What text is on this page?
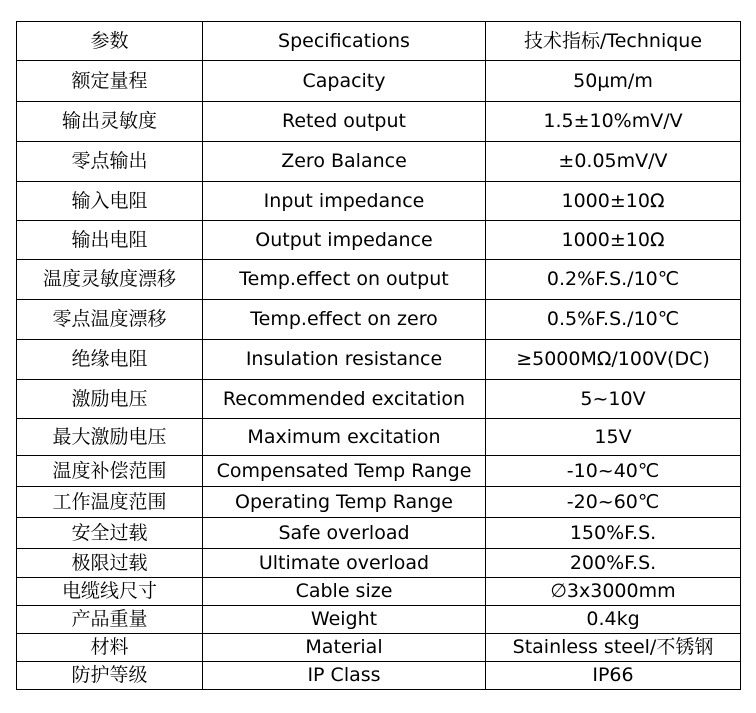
参数	Specifications	技术指标/Technique
额定量程	Capacity	50μm/m
输出灵敏度	Reted output	1.5±10%mV/V
零点输出	Zero Balance	±0.05mV/V
输入电阻	Input impedance	1000±10Ω
输出电阻	Output impedance	1000±10Ω
温度灵敏度漂移	Temp.effect on output	0.2%F.S./10℃
零点温度漂移	Temp.effect on zero	0.5%F.S./10℃
绝缘电阻	Insulation resistance	≥5000MΩ/100V(DC)
激励电压	Recommended excitation	5~10V
最大激励电压	Maximum excitation	15V
温度补偿范围	Compensated Temp Range	-10~40℃
工作温度范围	Operating Temp Range	-20~60℃
安全过载	Safe overload	150%F.S.
极限过载	Ultimate overload	200%F.S.
电缆线尺寸	Cable size	∅3x3000mm
产品重量	Weight	0.4kg
材料	Material	Stainless steel/不锈钢
防护等级	IP Class	IP66
